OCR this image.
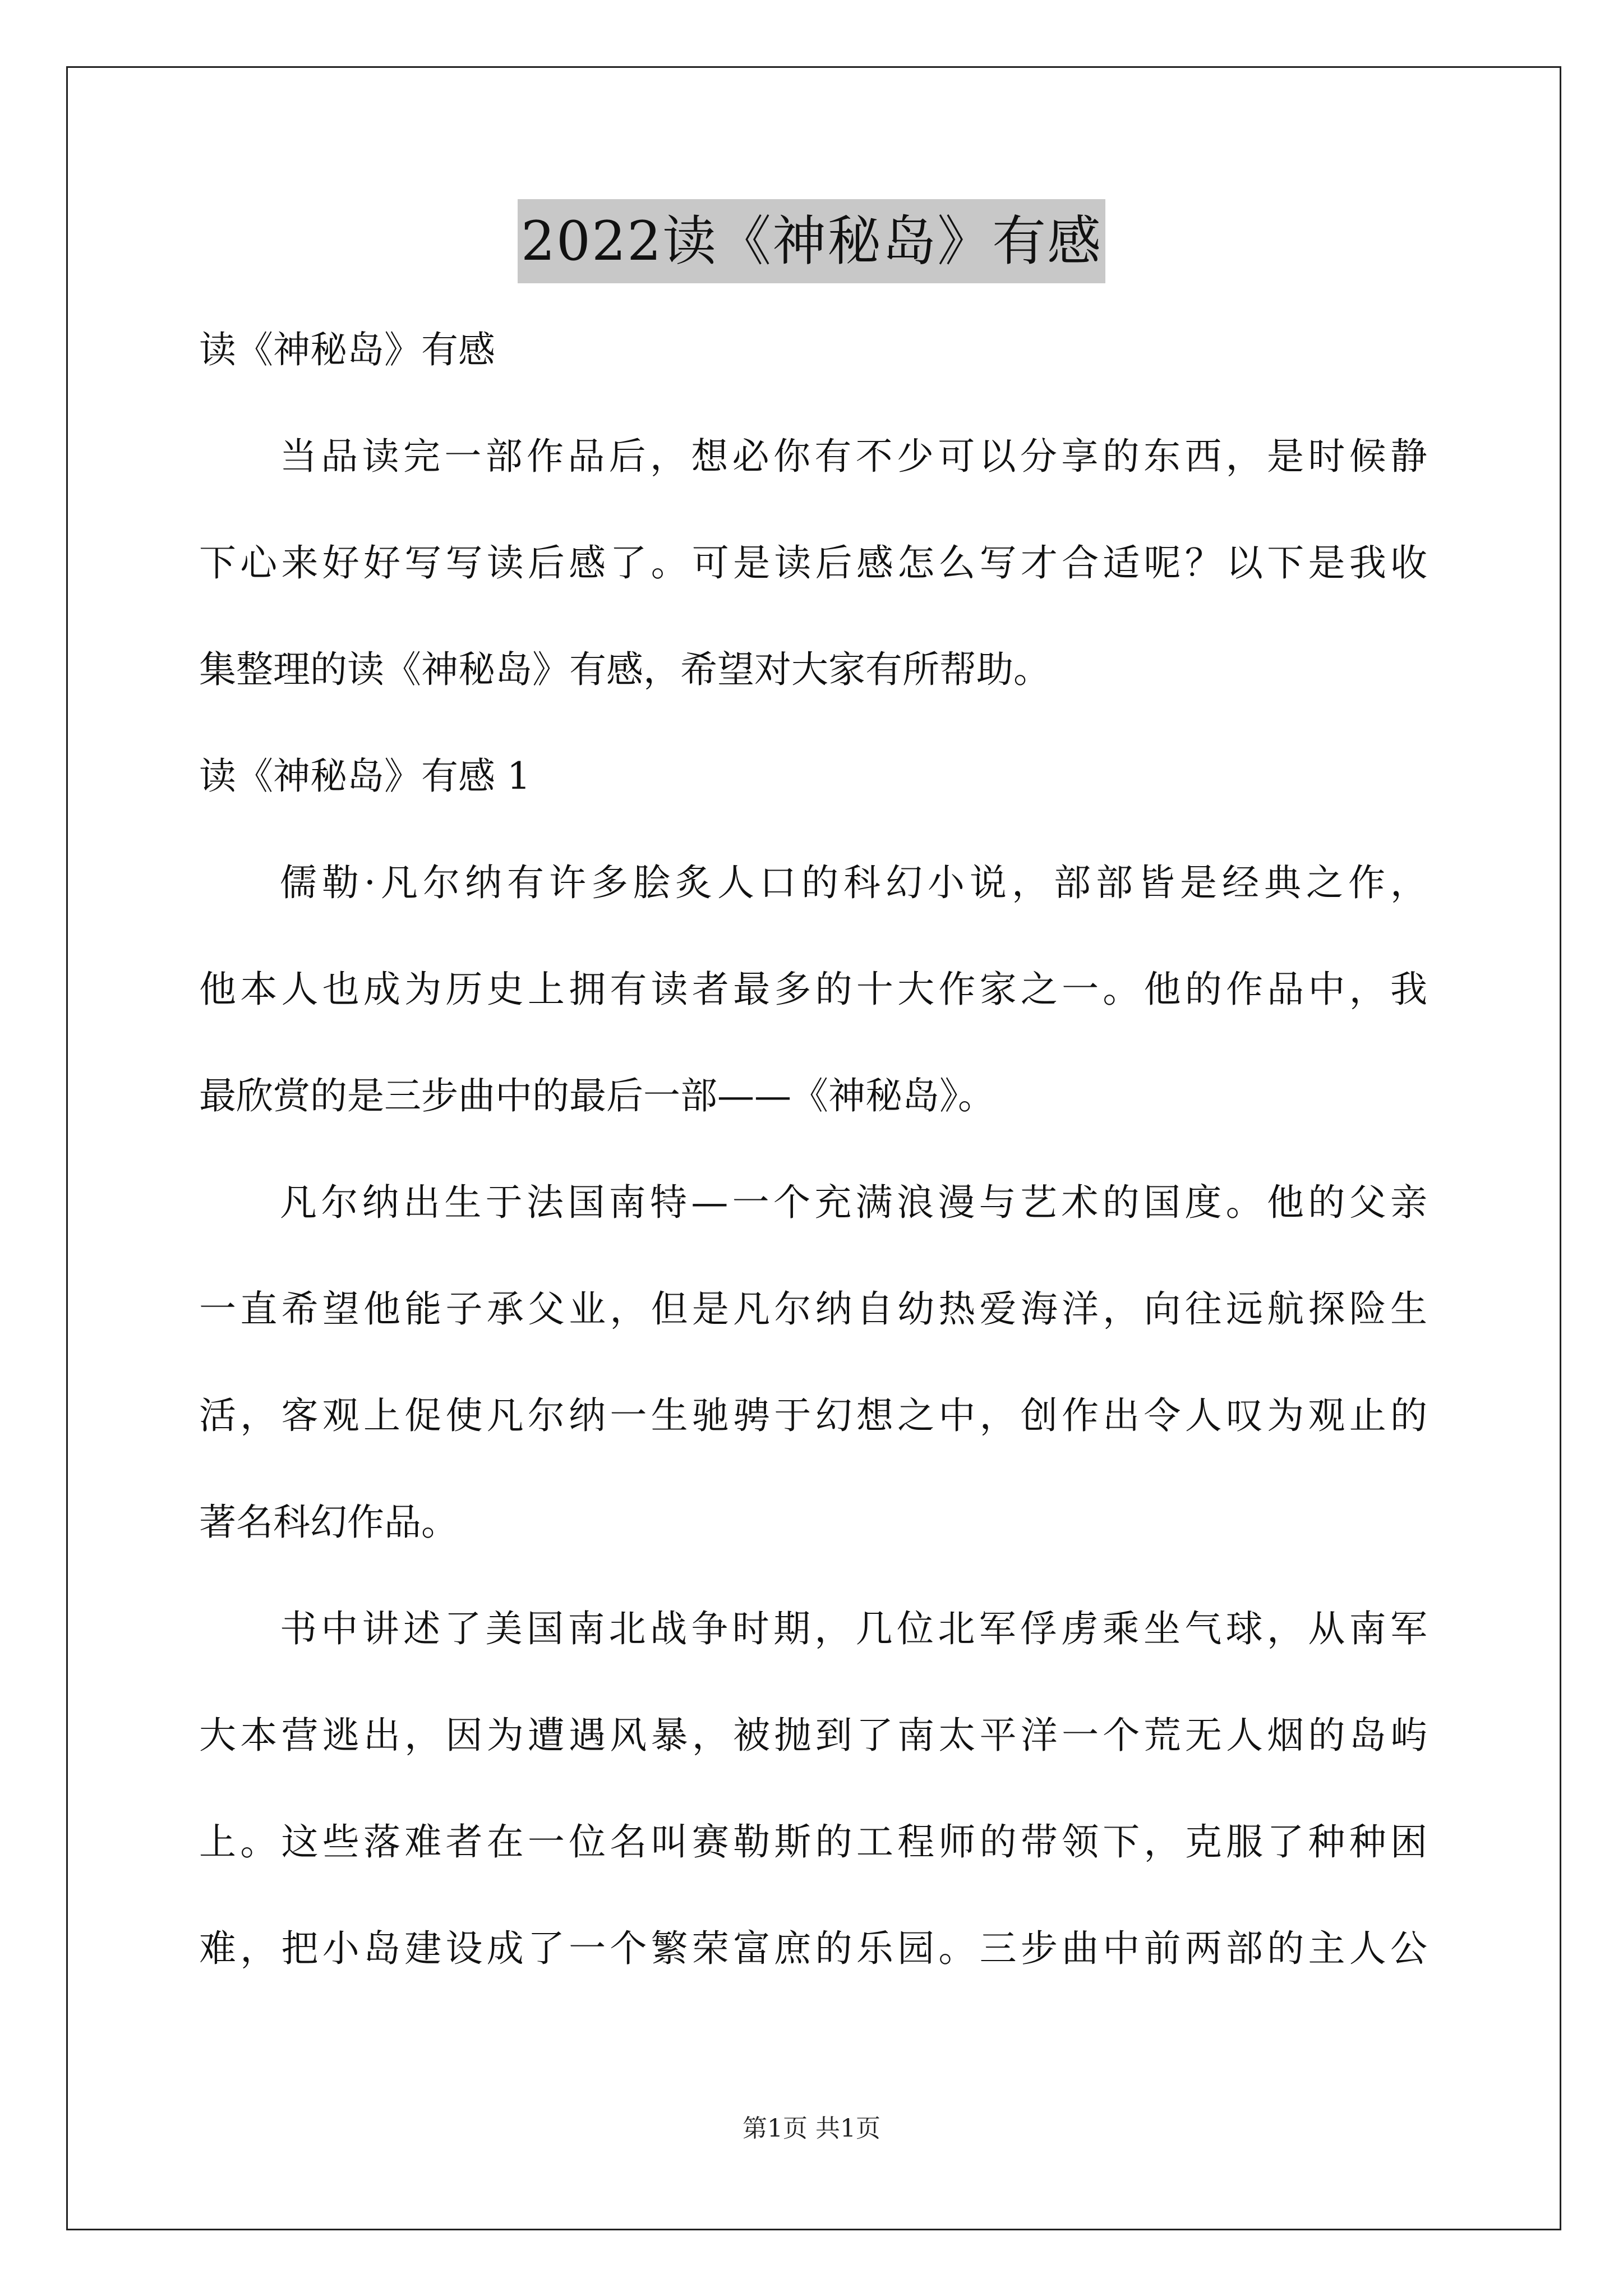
2022读《神秘岛》有感
读《神秘岛》有感
当品读完一部作品后，想必你有不少可以分享的东西，是时候静
下心来好好写写读后感了。可是读后感怎么写才合适呢？以下是我收
集整理的读《神秘岛》有感，希望对大家有所帮助。
读《神秘岛》有感 1
儒勒·凡尔纳有许多脍炙人口的科幻小说，部部皆是经典之作，
他本人也成为历史上拥有读者最多的十大作家之一。他的作品中，我
最欣赏的是三步曲中的最后一部——《神秘岛》。
凡尔纳出生于法国南特—一个充满浪漫与艺术的国度。他的父亲
一直希望他能子承父业，但是凡尔纳自幼热爱海洋，向往远航探险生
活，客观上促使凡尔纳一生驰骋于幻想之中，创作出令人叹为观止的
著名科幻作品。
书中讲述了美国南北战争时期，几位北军俘虏乘坐气球，从南军
大本营逃出，因为遭遇风暴，被抛到了南太平洋一个荒无人烟的岛屿
上。这些落难者在一位名叫赛勒斯的工程师的带领下，克服了种种困
难，把小岛建设成了一个繁荣富庶的乐园。三步曲中前两部的主人公
第1页 共1页
